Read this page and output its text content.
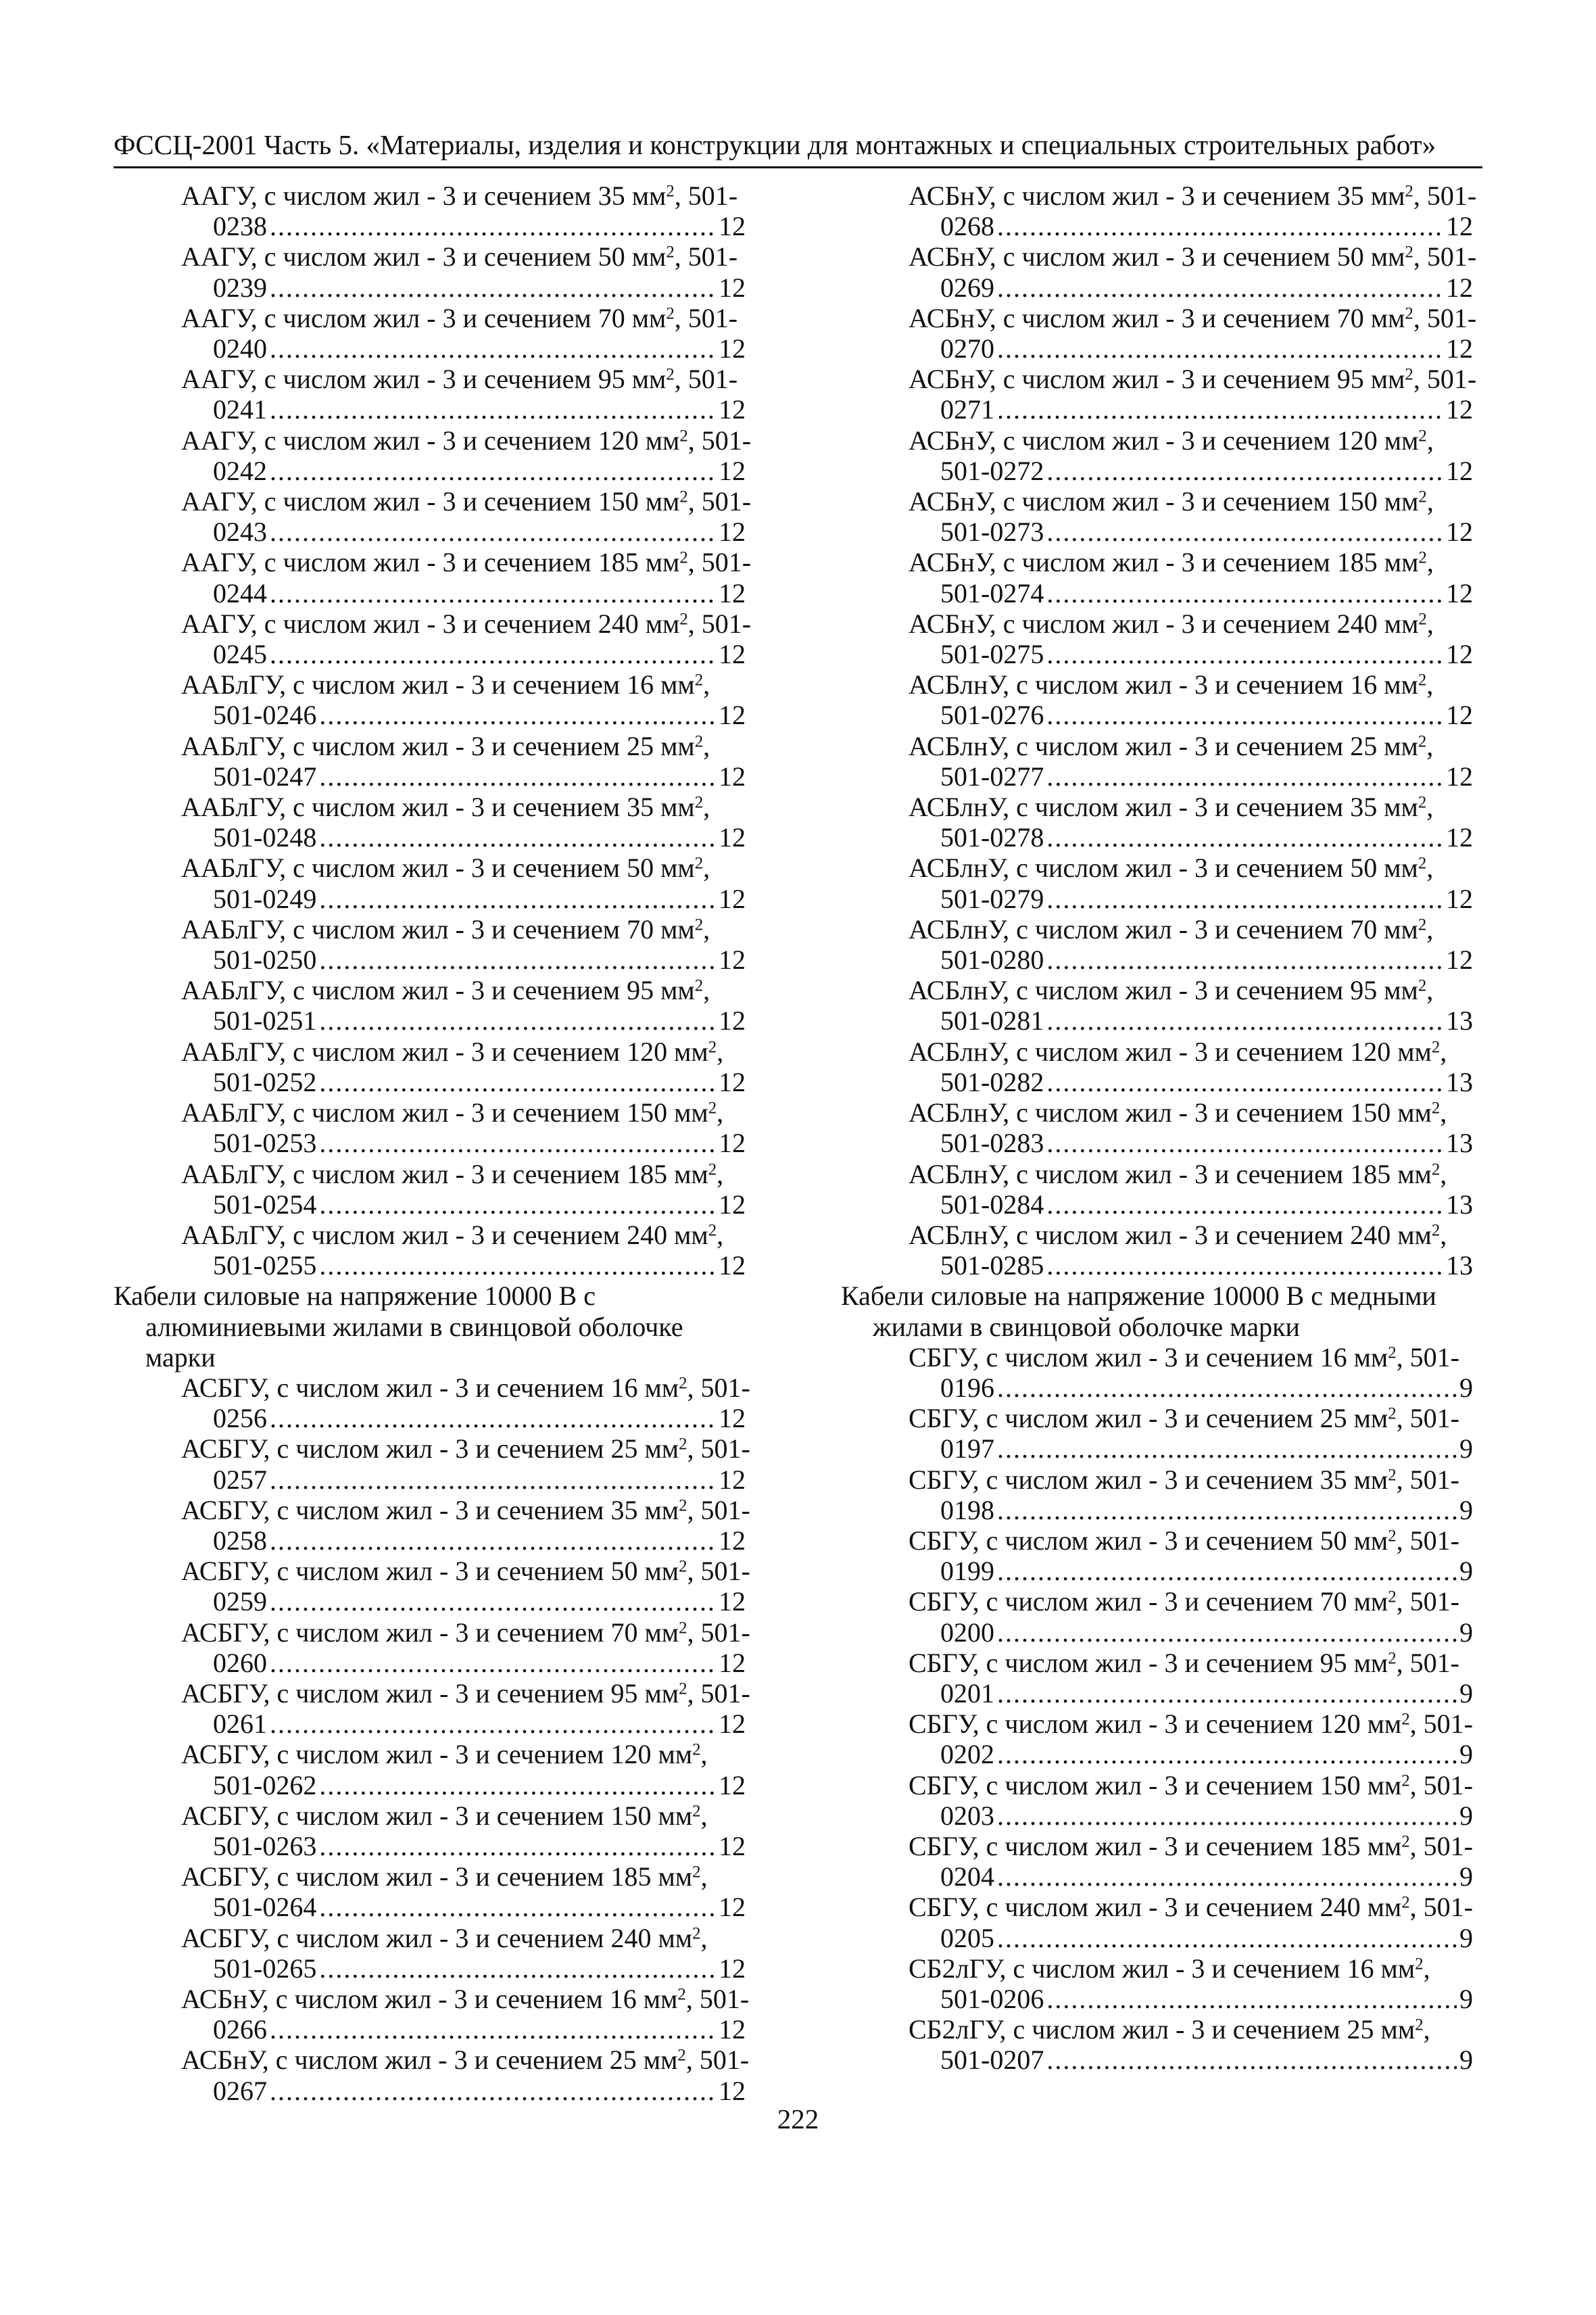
ФССЦ-2001 Часть 5. «Материалы, изделия и конструкции для монтажных и специальных строительных работ»
ААГУ, с числом жил - 3 и сечением 35 $мм^2$, 501-
0238 .....	12
ААГУ, с числом жил - 3 и сечением 50 $мм^2$, 501-
0239 .....	12
ААГУ, с числом жил - 3 и сечением 70 $мм^2$, 501-
0240 .....	12
ААГУ, с числом жил - 3 и сечением 95 $мм^2$, 501-
0241 .....	12
ААГУ, с числом жил - 3 и сечением 120 $мм^2$, 501-
0242 .....	12
ААГУ, с числом жил - 3 и сечением 150 $мм^2$, 501-
0243 .....	12
ААГУ, с числом жил - 3 и сечением 185 $мм^2$, 501-
0244 .....	12
ААГУ, с числом жил - 3 и сечением 240 $мм^2$, 501-
0245 .....	12
ААБлГУ, с числом жил - 3 и сечением 16 $мм^2$,
501-0246 .....	12
ААБлГУ, с числом жил - 3 и сечением 25 $мм^2$,
501-0247 .....	12
ААБлГУ, с числом жил - 3 и сечением 35 $мм^2$,
501-0248 .....	12
ААБлГУ, с числом жил - 3 и сечением 50 $мм^2$,
501-0249 .....	12
ААБлГУ, с числом жил - 3 и сечением 70 $мм^2$,
501-0250 .....	12
ААБлГУ, с числом жил - 3 и сечением 95 $мм^2$,
501-0251 .....	12
ААБлГУ, с числом жил - 3 и сечением 120 $мм^2$,
501-0252 .....	12
ААБлГУ, с числом жил - 3 и сечением 150 $мм^2$,
501-0253 .....	12
ААБлГУ, с числом жил - 3 и сечением 185 $мм^2$,
501-0254 .....	12
ААБлГУ, с числом жил - 3 и сечением 240 $мм^2$,
501-0255 .....	12
Кабели силовые на напряжение 10000 В с
алюминиевыми жилами в свинцовой оболочке
марки
АСБГУ, с числом жил - 3 и сечением 16 $мм^2$, 501-
0256 .....	12
АСБГУ, с числом жил - 3 и сечением 25 $мм^2$, 501-
0257 .....	12
АСБГУ, с числом жил - 3 и сечением 35 $мм^2$, 501-
0258 .....	12
АСБГУ, с числом жил - 3 и сечением 50 $мм^2$, 501-
0259 .....	12
АСБГУ, с числом жил - 3 и сечением 70 $мм^2$, 501-
0260 .....	12
АСБГУ, с числом жил - 3 и сечением 95 $мм^2$, 501-
0261 .....	12
АСБГУ, с числом жил - 3 и сечением 120 $мм^2$,
501-0262 .....	12
АСБГУ, с числом жил - 3 и сечением 150 $мм^2$,
501-0263 .....	12
АСБГУ, с числом жил - 3 и сечением 185 $мм^2$,
501-0264 .....	12
АСБГУ, с числом жил - 3 и сечением 240 $мм^2$,
501-0265 .....	12
АСБнУ, с числом жил - 3 и сечением 16 $мм^2$, 501-
0266 .....	12
АСБнУ, с числом жил - 3 и сечением 25 $мм^2$, 501-
0267 .....	12
АСБнУ, с числом жил - 3 и сечением 35 $мм^2$, 501-
0268 .....	12
АСБнУ, с числом жил - 3 и сечением 50 $мм^2$, 501-
0269 .....	12
АСБнУ, с числом жил - 3 и сечением 70 $мм^2$, 501-
0270 .....	12
АСБнУ, с числом жил - 3 и сечением 95 $мм^2$, 501-
0271 .....	12
АСБнУ, с числом жил - 3 и сечением 120 $мм^2$,
501-0272 .....	12
АСБнУ, с числом жил - 3 и сечением 150 $мм^2$,
501-0273 .....	12
АСБнУ, с числом жил - 3 и сечением 185 $мм^2$,
501-0274 .....	12
АСБнУ, с числом жил - 3 и сечением 240 $мм^2$,
501-0275 .....	12
АСБлнУ, с числом жил - 3 и сечением 16 $мм^2$,
501-0276 .....	12
АСБлнУ, с числом жил - 3 и сечением 25 $мм^2$,
501-0277 .....	12
АСБлнУ, с числом жил - 3 и сечением 35 $мм^2$,
501-0278 .....	12
АСБлнУ, с числом жил - 3 и сечением 50 $мм^2$,
501-0279 .....	12
АСБлнУ, с числом жил - 3 и сечением 70 $мм^2$,
501-0280 .....	12
АСБлнУ, с числом жил - 3 и сечением 95 $мм^2$,
501-0281 .....	13
АСБлнУ, с числом жил - 3 и сечением 120 $мм^2$,
501-0282 .....	13
АСБлнУ, с числом жил - 3 и сечением 150 $мм^2$,
501-0283 .....	13
АСБлнУ, с числом жил - 3 и сечением 185 $мм^2$,
501-0284 .....	13
АСБлнУ, с числом жил - 3 и сечением 240 $мм^2$,
501-0285 .....	13
Кабели силовые на напряжение 10000 В с медными
жилами в свинцовой оболочке марки
СБГУ, с числом жил - 3 и сечением 16 $мм^2$, 501-
0196 .....	9
СБГУ, с числом жил - 3 и сечением 25 $мм^2$, 501-
0197 .....	9
СБГУ, с числом жил - 3 и сечением 35 $мм^2$, 501-
0198 .....	9
СБГУ, с числом жил - 3 и сечением 50 $мм^2$, 501-
0199 .....	9
СБГУ, с числом жил - 3 и сечением 70 $мм^2$, 501-
0200 .....	9
СБГУ, с числом жил - 3 и сечением 95 $мм^2$, 501-
0201 .....	9
СБГУ, с числом жил - 3 и сечением 120 $мм^2$, 501-
0202 .....	9
СБГУ, с числом жил - 3 и сечением 150 $мм^2$, 501-
0203 .....	9
СБГУ, с числом жил - 3 и сечением 185 $мм^2$, 501-
0204 .....	9
СБГУ, с числом жил - 3 и сечением 240 $мм^2$, 501-
0205 .....	9
СБ2лГУ, с числом жил - 3 и сечением 16 $мм^2$,
501-0206 .....	9
СБ2лГУ, с числом жил - 3 и сечением 25 $мм^2$,
501-0207 .....	9
222
